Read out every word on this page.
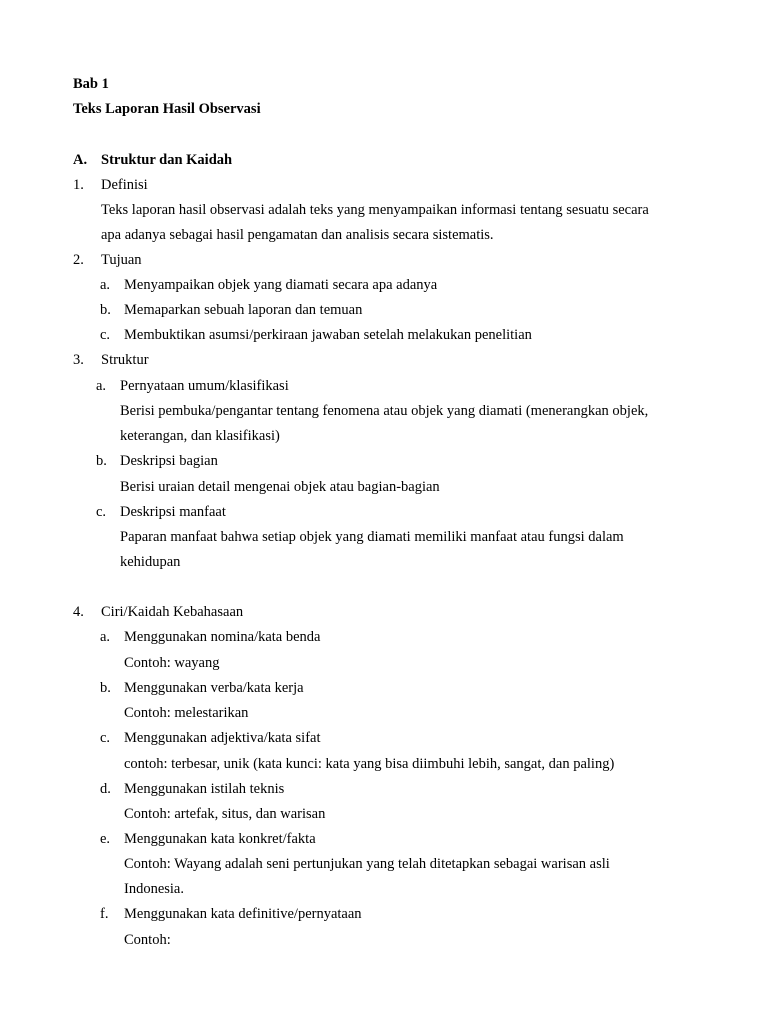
Bab 1
Teks Laporan Hasil Observasi
A. Struktur dan Kaidah
1. Definisi
Teks laporan hasil observasi adalah teks yang menyampaikan informasi tentang sesuatu secara
apa adanya sebagai hasil pengamatan dan analisis secara sistematis.
2. Tujuan
a. Menyampaikan objek yang diamati secara apa adanya
b. Memaparkan sebuah laporan dan temuan
c. Membuktikan asumsi/perkiraan jawaban setelah melakukan penelitian
3. Struktur
a. Pernyataan umum/klasifikasi
Berisi pembuka/pengantar tentang fenomena atau objek yang diamati (menerangkan objek,
keterangan, dan klasifikasi)
b. Deskripsi bagian
Berisi uraian detail mengenai objek atau bagian-bagian
c. Deskripsi manfaat
Paparan manfaat bahwa setiap objek yang diamati memiliki manfaat atau fungsi dalam
kehidupan
4. Ciri/Kaidah Kebahasaan
a. Menggunakan nomina/kata benda
Contoh: wayang
b. Menggunakan verba/kata kerja
Contoh: melestarikan
c. Menggunakan adjektiva/kata sifat
contoh: terbesar, unik (kata kunci: kata yang bisa diimbuhi lebih, sangat, dan paling)
d. Menggunakan istilah teknis
Contoh: artefak, situs, dan warisan
e. Menggunakan kata konkret/fakta
Contoh: Wayang adalah seni pertunjukan yang telah ditetapkan sebagai warisan asli
Indonesia.
f. Menggunakan kata definitive/pernyataan
Contoh:
